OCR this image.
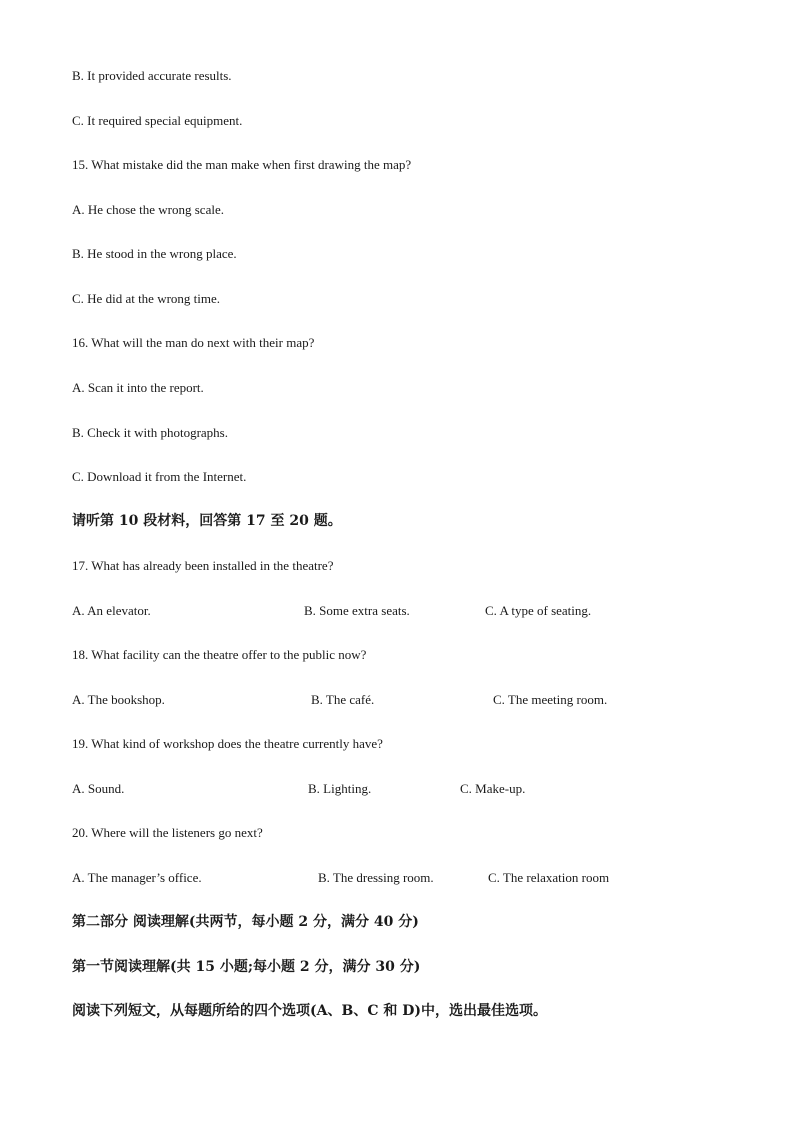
B. It provided accurate results.
C. It required special equipment.
15. What mistake did the man make when first drawing the map?
A. He chose the wrong scale.
B. He stood in the wrong place.
C. He did at the wrong time.
16. What will the man do next with their map?
A. Scan it into the report.
B. Check it with photographs.
C. Download it from the Internet.
请听第 10 段材料，回答第 17 至 20 题。
17. What has already been installed in the theatre?
A. An elevator.	B. Some extra seats.	C. A type of seating.
18. What facility can the theatre offer to the public now?
A. The bookshop.	B. The café.	C. The meeting room.
19. What kind of workshop does the theatre currently have?
A. Sound.	B. Lighting.	C. Make-up.
20. Where will the listeners go next?
A. The manager’s office.	B. The dressing room.	C. The relaxation room
第二部分 阅读理解(共两节，每小题 2 分，满分 40 分)
第一节阅读理解(共 15 小题;每小题 2 分，满分 30 分)
阅读下列短文，从每题所给的四个选项(A、B、C 和 D)中，选出最佳选项。
